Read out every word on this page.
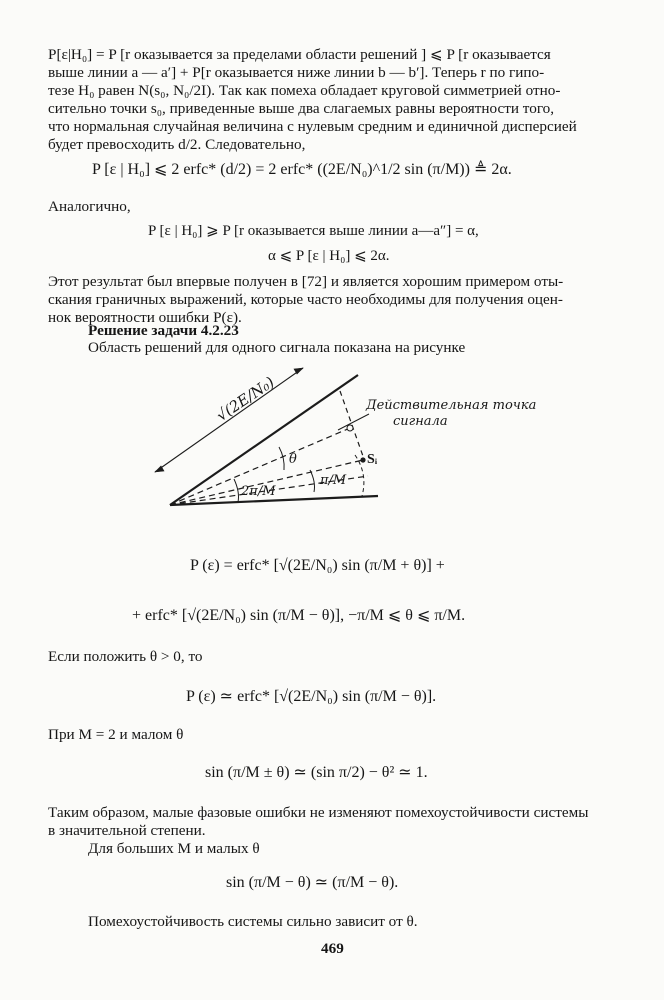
P[ε|H₀] = P [r оказывается за пределами области решений ] ⩽ P [r оказывается
выше линии a — a′] + P[r оказывается ниже линии b — b′]. Теперь r по гипо-
тезе H₀ равен N(s₀, N₀/2I). Так как помеха обладает круговой симметрией отно-
сительно точки s₀, приведенные выше два слагаемых равны вероятности того,
что нормальная случайная величина с нулевым средним и единичной дисперсией
будет превосходить d/2. Следовательно,
P [ε | H₀] ⩽ 2 erfc* (d/2) = 2 erfc* ((2E/N₀)^1/2 sin (π/M)) ≜ 2α.
Аналогично,
P [ε | H₀] ⩾ P [r оказывается выше линии a—a″] = α,
α ⩽ P [ε | H₀] ⩽ 2α.
Этот результат был впервые получен в [72] и является хорошим примером оты-
скания граничных выражений, которые часто необходимы для получения оцен-
нок вероятности ошибки P(ε).
Решение задачи 4.2.23
Область решений для одного сигнала показана на рисунке
√(2E/N₀)	Действительная точка
сигнала
Sᵢ
θ
π/M
2π/M
P (ε) = erfc* [√(2E/N₀) sin (π/M + θ)] +
+ erfc* [√(2E/N₀) sin (π/M − θ)], −π/M ⩽ θ ⩽ π/M.
Если положить θ > 0, то
P (ε) ≃ erfc* [√(2E/N₀) sin (π/M − θ)].
При M = 2 и малом θ
sin (π/M ± θ) ≃ (sin π/2) − θ² ≃ 1.
Таким образом, малые фазовые ошибки не изменяют помехоустойчивости системы
в значительной степени.
Для больших M и малых θ
sin (π/M − θ) ≃ (π/M − θ).
Помехоустойчивость системы сильно зависит от θ.
469
